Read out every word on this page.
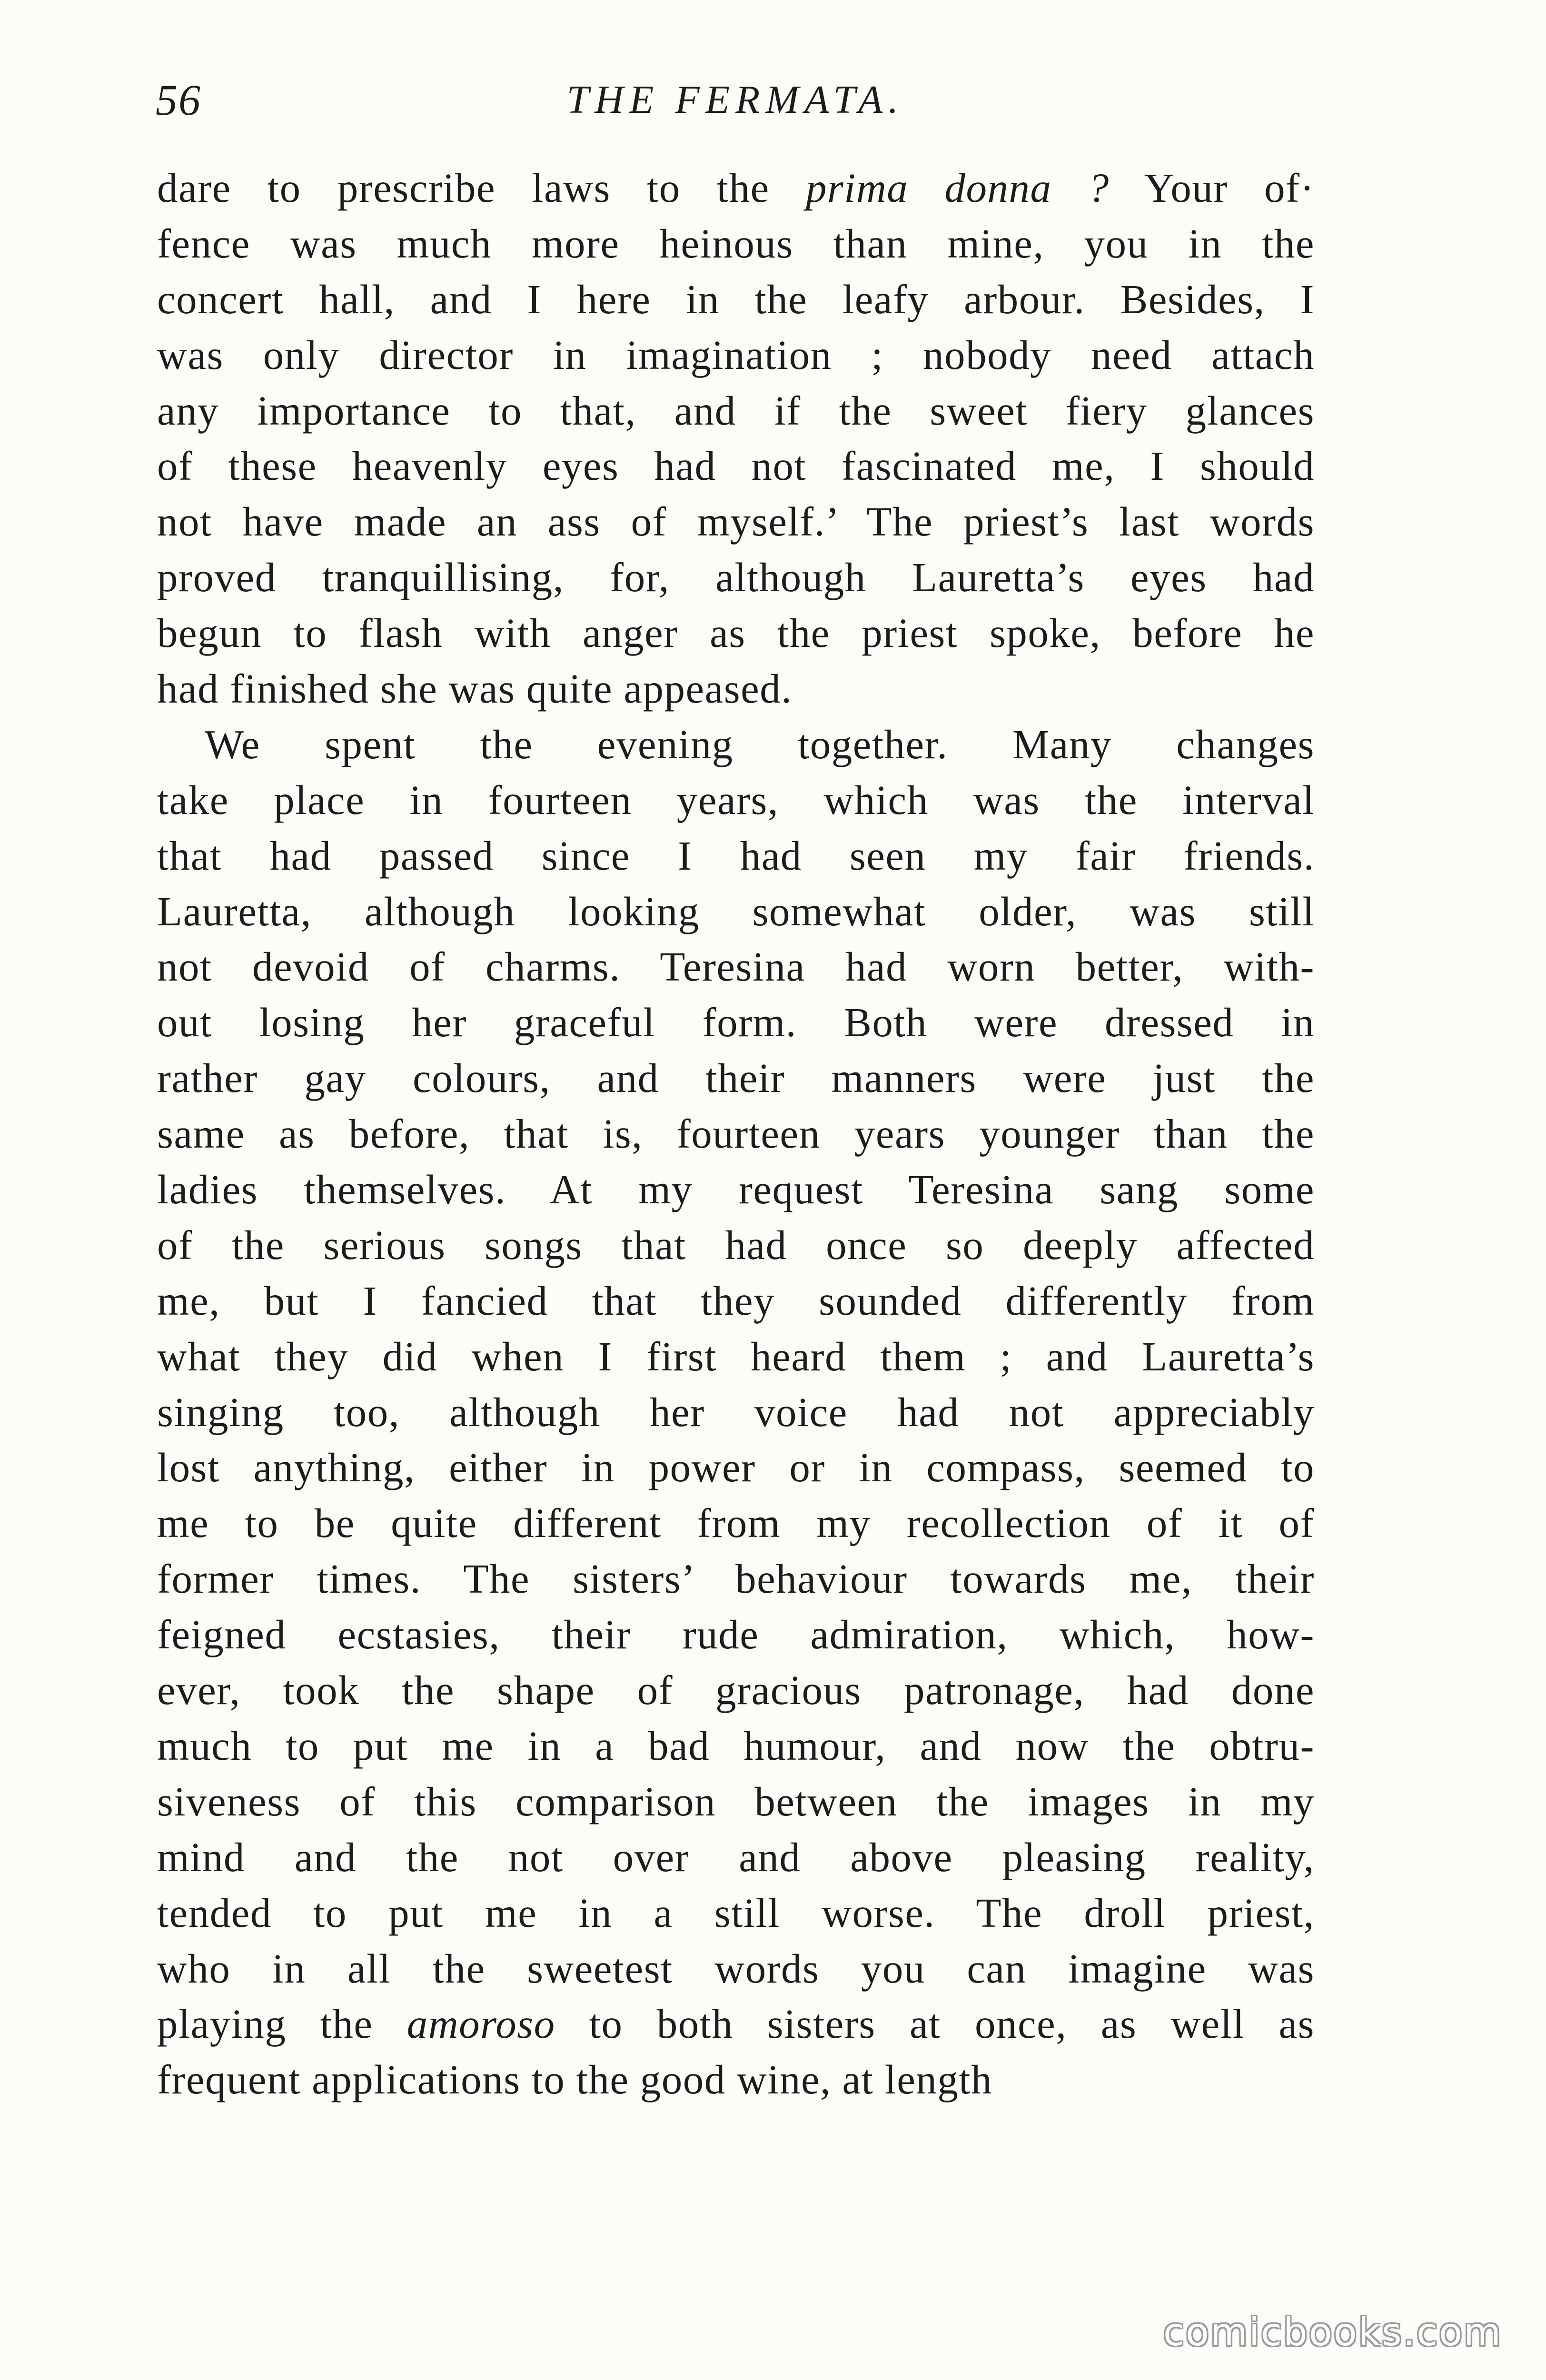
56	THE FERMATA.
dare to prescribe laws to the prima donna ? Your of·
fence was much more heinous than mine, you in the
concert hall, and I here in the leafy arbour. Besides, I
was only director in imagination ; nobody need attach
any importance to that, and if the sweet fiery glances
of these heavenly eyes had not fascinated me, I should
not have made an ass of myself.’ The priest’s last words
proved tranquillising, for, although Lauretta’s eyes had
begun to flash with anger as the priest spoke, before he
had finished she was quite appeased.
We spent the evening together. Many changes
take place in fourteen years, which was the interval
that had passed since I had seen my fair friends.
Lauretta, although looking somewhat older, was still
not devoid of charms. Teresina had worn better, with-
out losing her graceful form. Both were dressed in
rather gay colours, and their manners were just the
same as before, that is, fourteen years younger than the
ladies themselves. At my request Teresina sang some
of the serious songs that had once so deeply affected
me, but I fancied that they sounded differently from
what they did when I first heard them ; and Lauretta’s
singing too, although her voice had not appreciably
lost anything, either in power or in compass, seemed to
me to be quite different from my recollection of it of
former times. The sisters’ behaviour towards me, their
feigned ecstasies, their rude admiration, which, how-
ever, took the shape of gracious patronage, had done
much to put me in a bad humour, and now the obtru-
siveness of this comparison between the images in my
mind and the not over and above pleasing reality,
tended to put me in a still worse. The droll priest,
who in all the sweetest words you can imagine was
playing the amoroso to both sisters at once, as well as
frequent applications to the good wine, at length
comicbooks.com
